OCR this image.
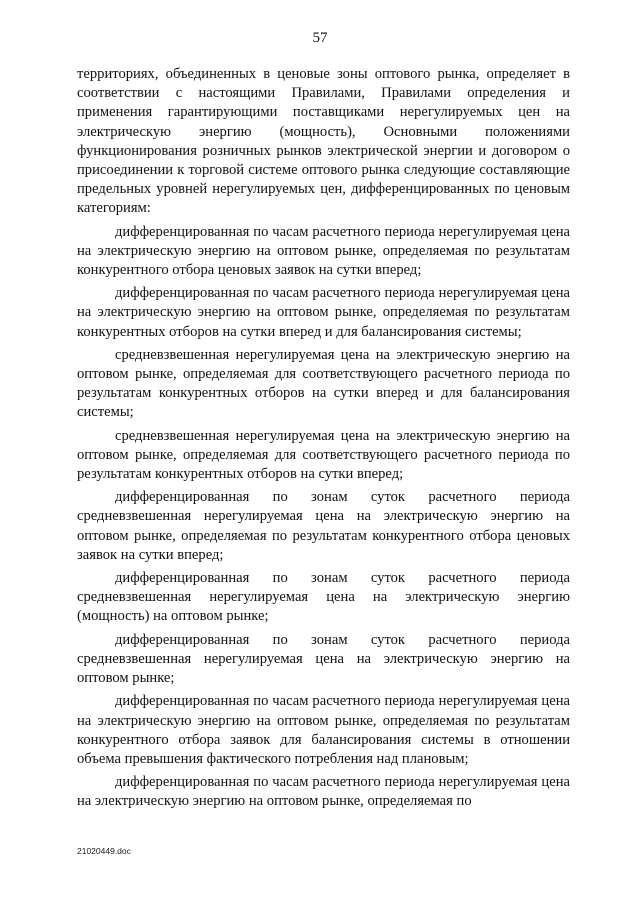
57

территориях, объединенных в ценовые зоны оптового рынка, определяет в соответствии с настоящими Правилами, Правилами определения и применения гарантирующими поставщиками нерегулируемых цен на электрическую энергию (мощность), Основными положениями функционирования розничных рынков электрической энергии и договором о присоединении к торговой системе оптового рынка следующие составляющие предельных уровней нерегулируемых цен, дифференцированных по ценовым категориям:

дифференцированная по часам расчетного периода нерегулируемая цена на электрическую энергию на оптовом рынке, определяемая по результатам конкурентного отбора ценовых заявок на сутки вперед;

дифференцированная по часам расчетного периода нерегулируемая цена на электрическую энергию на оптовом рынке, определяемая по результатам конкурентных отборов на сутки вперед и для балансирования системы;

средневзвешенная нерегулируемая цена на электрическую энергию на оптовом рынке, определяемая для соответствующего расчетного периода по результатам конкурентных отборов на сутки вперед и для балансирования системы;

средневзвешенная нерегулируемая цена на электрическую энергию на оптовом рынке, определяемая для соответствующего расчетного периода по результатам конкурентных отборов на сутки вперед;

дифференцированная по зонам суток расчетного периода средневзвешенная нерегулируемая цена на электрическую энергию на оптовом рынке, определяемая по результатам конкурентного отбора ценовых заявок на сутки вперед;

дифференцированная по зонам суток расчетного периода средневзвешенная нерегулируемая цена на электрическую энергию (мощность) на оптовом рынке;

дифференцированная по зонам суток расчетного периода средневзвешенная нерегулируемая цена на электрическую энергию на оптовом рынке;

дифференцированная по часам расчетного периода нерегулируемая цена на электрическую энергию на оптовом рынке, определяемая по результатам конкурентного отбора заявок для балансирования системы в отношении объема превышения фактического потребления над плановым;

дифференцированная по часам расчетного периода нерегулируемая цена на электрическую энергию на оптовом рынке, определяемая по

21020449.doc
